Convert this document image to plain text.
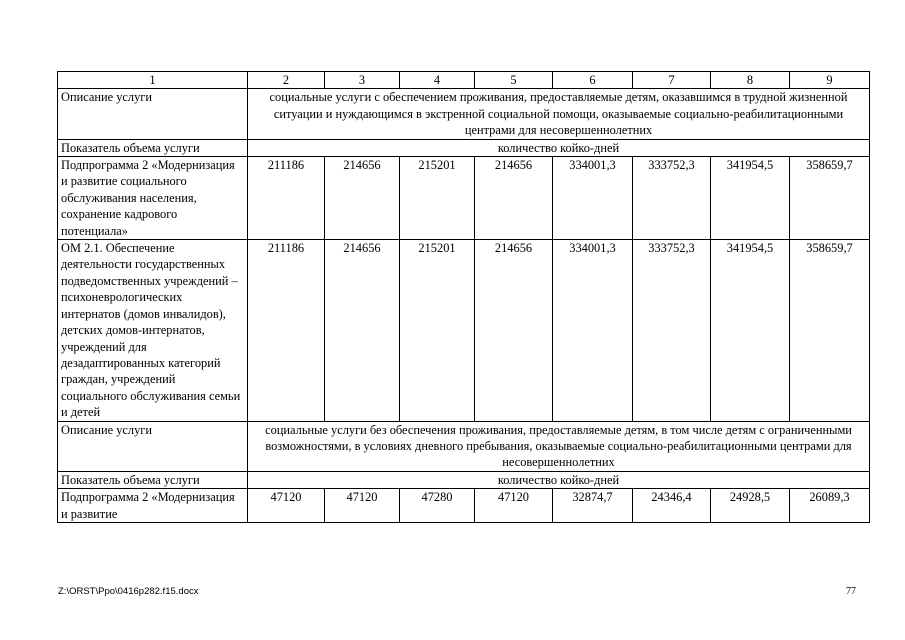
1	2	3	4	5	6	7	8	9
Описание услуги	социальные услуги с обеспечением проживания, предоставляемые детям, оказавшимся в трудной жизненной ситуации и нуждающимся в экстренной социальной помощи, оказываемые социально-реабилитационными центрами для несовершеннолетних							
Показатель объема услуги	количество койко-дней							
Подпрограмма 2 «Модернизация и развитие социального обслуживания населения, сохранение кадрового потенциала»	211186	214656	215201	214656	334001,3	333752,3	341954,5	358659,7
ОМ 2.1. Обеспечение деятельности государственных подведомственных учреждений – психоневрологических интернатов (домов инвалидов), детских домов-интернатов, учреждений для дезадаптированных категорий граждан, учреждений социального обслуживания семьи и детей	211186	214656	215201	214656	334001,3	333752,3	341954,5	358659,7
Описание услуги	социальные услуги без обеспечения проживания, предоставляемые детям, в том числе детям с ограниченными возможностями, в условиях дневного пребывания, оказываемые социально-реабилитационными центрами для несовершеннолетних							
Показатель объема услуги	количество койко-дней							
Подпрограмма 2 «Модернизация и развитие	47120	47120	47280	47120	32874,7	24346,4	24928,5	26089,3
Z:\ORST\Ppo\0416p282.f15.docx	77
